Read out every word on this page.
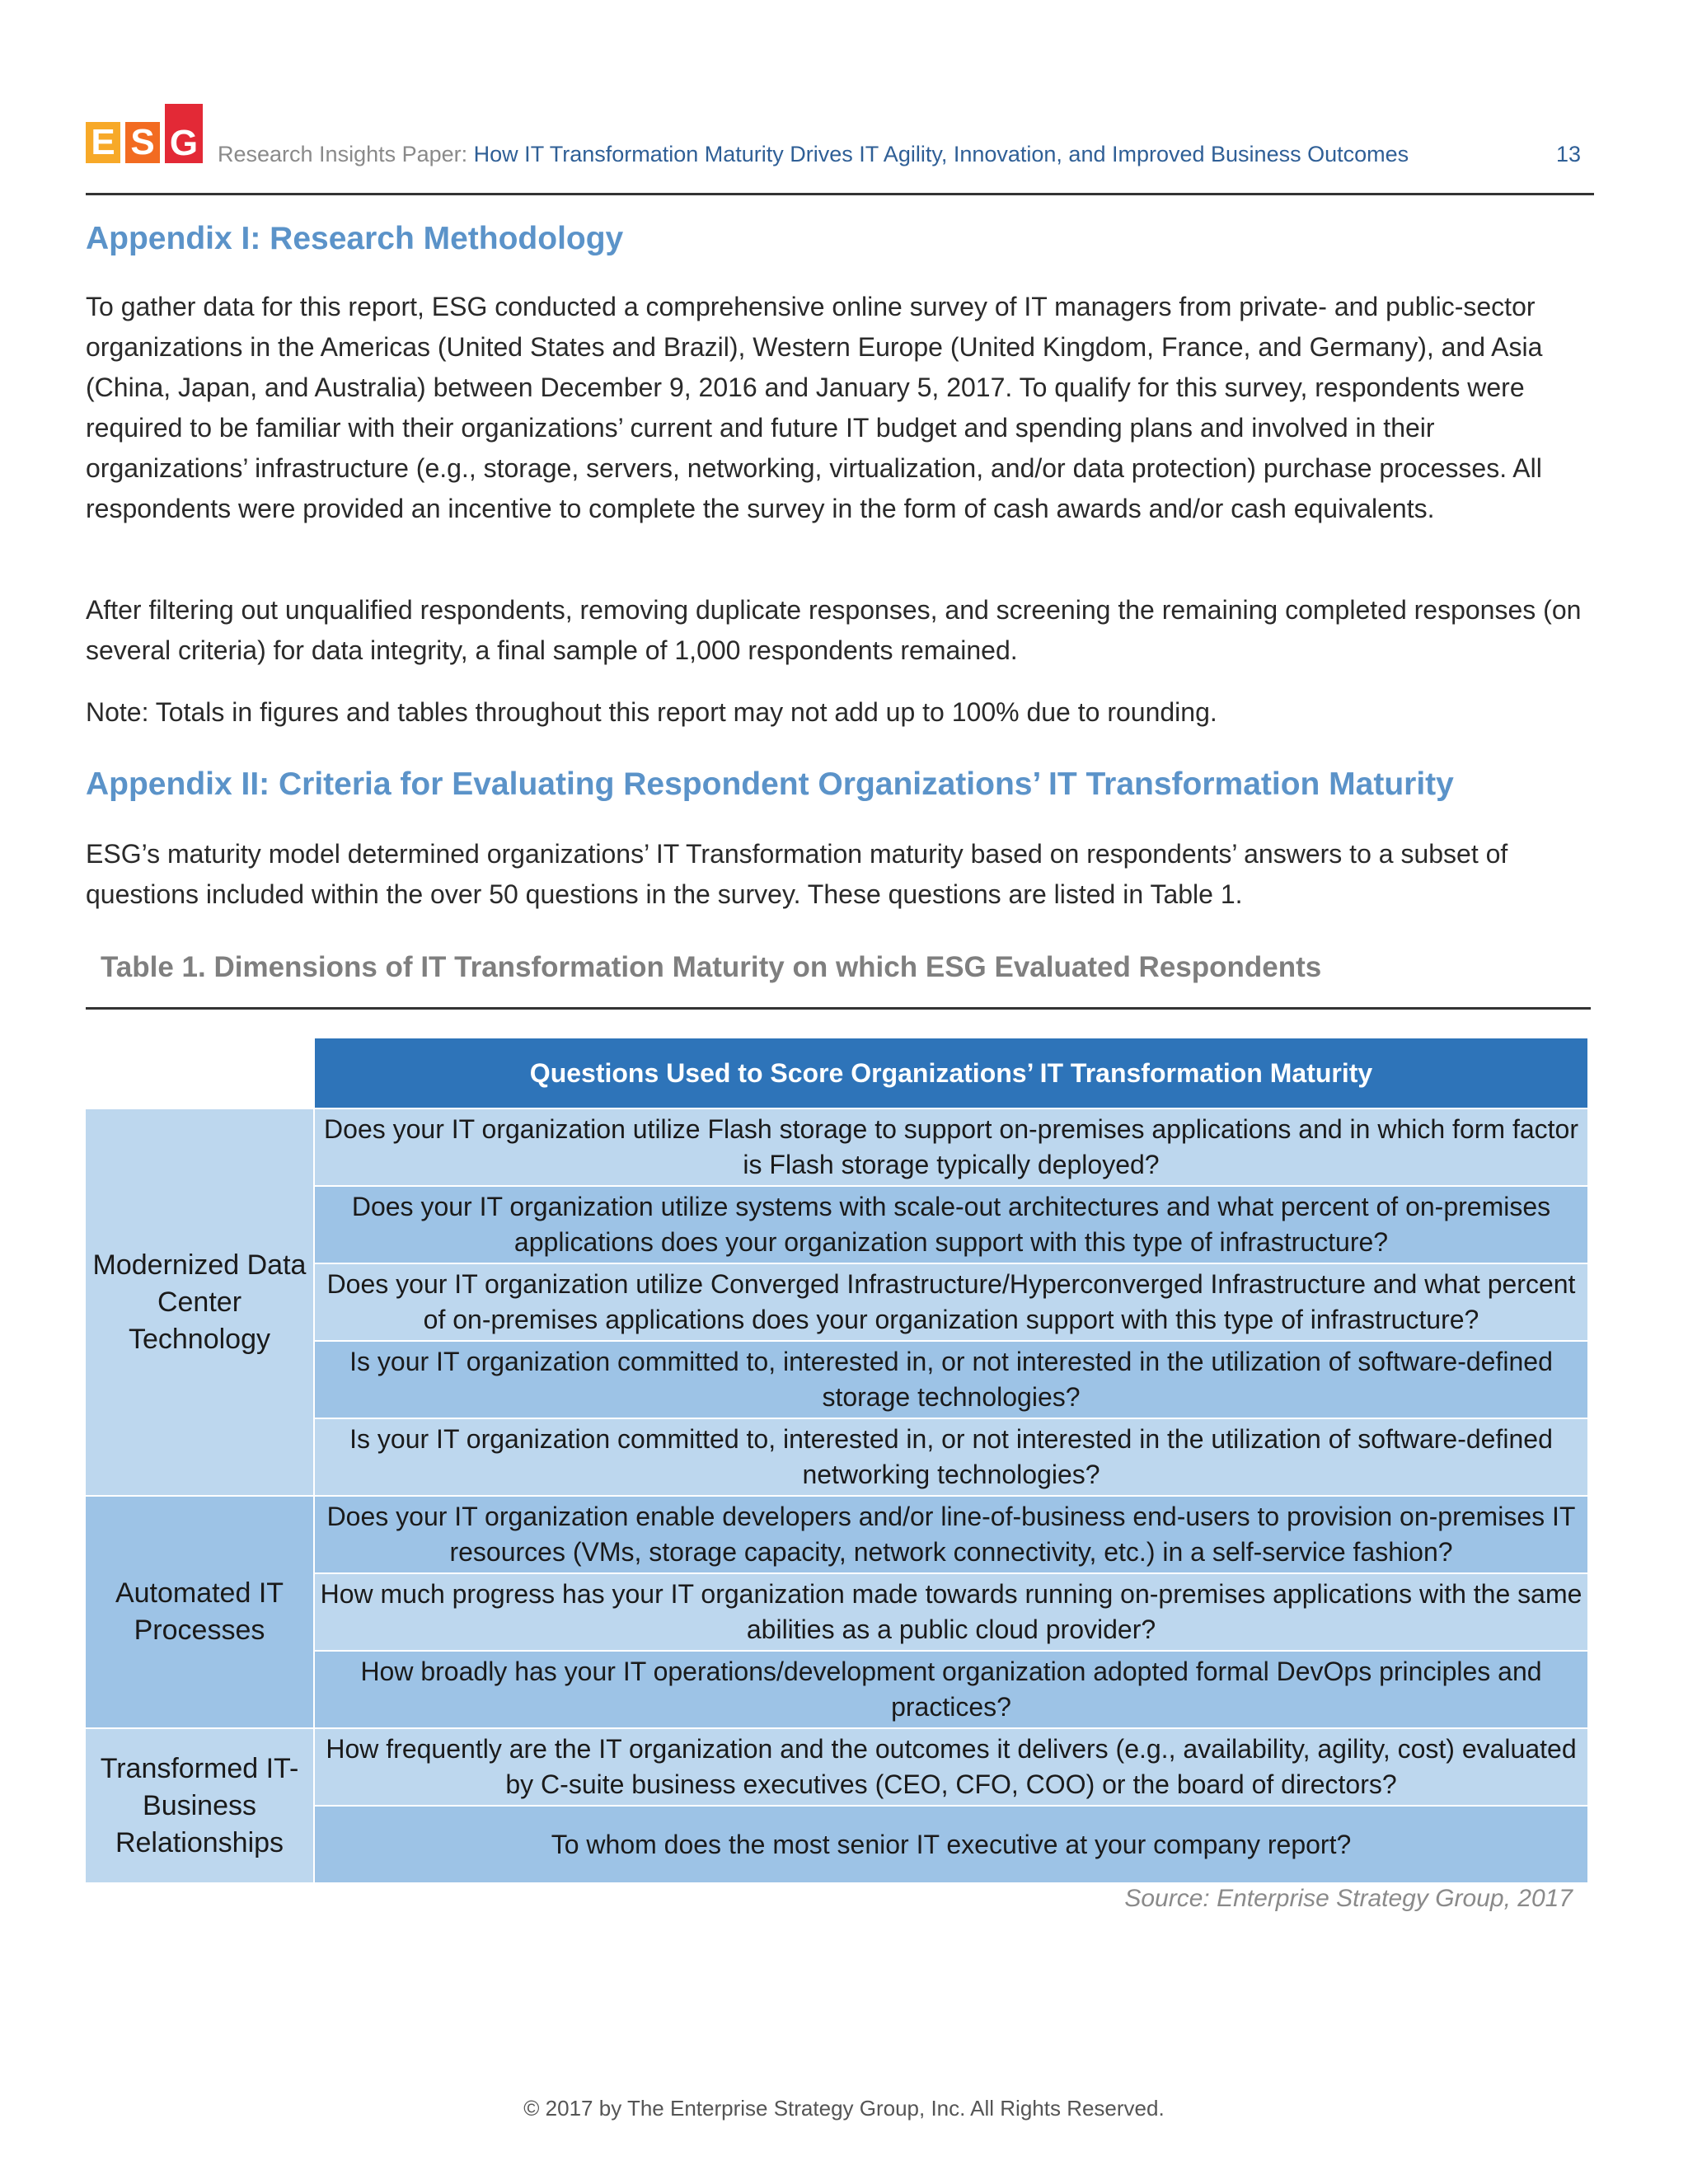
E S G Research Insights Paper: How IT Transformation Maturity Drives IT Agility, Innovation, and Improved Business Outcomes	13
Appendix I: Research Methodology

To gather data for this report, ESG conducted a comprehensive online survey of IT managers from private- and public-sector organizations in the Americas (United States and Brazil), Western Europe (United Kingdom, France, and Germany), and Asia (China, Japan, and Australia) between December 9, 2016 and January 5, 2017. To qualify for this survey, respondents were required to be familiar with their organizations’ current and future IT budget and spending plans and involved in their organizations’ infrastructure (e.g., storage, servers, networking, virtualization, and/or data protection) purchase processes. All respondents were provided an incentive to complete the survey in the form of cash awards and/or cash equivalents.

After filtering out unqualified respondents, removing duplicate responses, and screening the remaining completed responses (on several criteria) for data integrity, a final sample of 1,000 respondents remained.

Note: Totals in figures and tables throughout this report may not add up to 100% due to rounding.

Appendix II: Criteria for Evaluating Respondent Organizations’ IT Transformation Maturity

ESG’s maturity model determined organizations’ IT Transformation maturity based on respondents’ answers to a subset of questions included within the over 50 questions in the survey. These questions are listed in Table 1.

Table 1. Dimensions of IT Transformation Maturity on which ESG Evaluated Respondents
Questions Used to Score Organizations’ IT Transformation Maturity
Modernized Data Center Technology
Automated IT Processes
Transformed IT-Business Relationships
Does your IT organization utilize Flash storage to support on-premises applications and in which form factor is Flash storage typically deployed?
Does your IT organization utilize systems with scale-out architectures and what percent of on-premises applications does your organization support with this type of infrastructure?
Does your IT organization utilize Converged Infrastructure/Hyperconverged Infrastructure and what percent of on-premises applications does your organization support with this type of infrastructure?
Is your IT organization committed to, interested in, or not interested in the utilization of software-defined storage technologies?
Is your IT organization committed to, interested in, or not interested in the utilization of software-defined networking technologies?
Does your IT organization enable developers and/or line-of-business end-users to provision on-premises IT resources (VMs, storage capacity, network connectivity, etc.) in a self-service fashion?
How much progress has your IT organization made towards running on-premises applications with the same abilities as a public cloud provider?
How broadly has your IT operations/development organization adopted formal DevOps principles and practices?
How frequently are the IT organization and the outcomes it delivers (e.g., availability, agility, cost) evaluated by C-suite business executives (CEO, CFO, COO) or the board of directors?
To whom does the most senior IT executive at your company report?
Source: Enterprise Strategy Group, 2017
© 2017 by The Enterprise Strategy Group, Inc. All Rights Reserved.
